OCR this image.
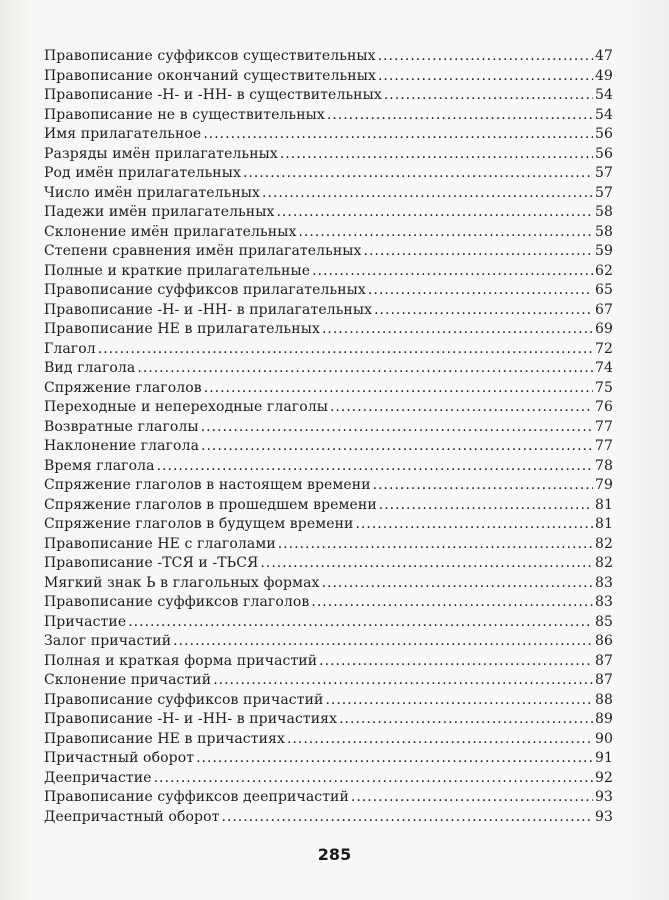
Правописание суффиксов существительных .....	47
Правописание окончаний существительных .....	49
Правописание -Н- и -НН- в существительных .....	54
Правописание не в существительных .....	54
Имя прилагательное .....	56
Разряды имён прилагательных .....	56
Род имён прилагательных .....	57
Число имён прилагательных .....	57
Падежи имён прилагательных .....	58
Склонение имён прилагательных .....	58
Степени сравнения имён прилагательных .....	59
Полные и краткие прилагательные .....	62
Правописание суффиксов прилагательных .....	65
Правописание -Н- и -НН- в прилагательных .....	67
Правописание НЕ в прилагательных .....	69
Глагол .....	72
Вид глагола .....	74
Спряжение глаголов .....	75
Переходные и непереходные глаголы .....	76
Возвратные глаголы .....	77
Наклонение глагола .....	77
Время глагола .....	78
Спряжение глаголов в настоящем времени .....	79
Спряжение глаголов в прошедшем времени .....	81
Спряжение глаголов в будущем времени .....	81
Правописание НЕ с глаголами .....	82
Правописание -ТСЯ и -ТЬСЯ .....	82
Мягкий знак Ь в глагольных формах .....	83
Правописание суффиксов глаголов .....	83
Причастие .....	85
Залог причастий .....	86
Полная и краткая форма причастий .....	87
Склонение причастий .....	87
Правописание суффиксов причастий .....	88
Правописание -Н- и -НН- в причастиях .....	89
Правописание НЕ в причастиях .....	90
Причастный оборот .....	91
Деепричастие .....	92
Правописание суффиксов деепричастий .....	93
Деепричастный оборот .....	93
285
